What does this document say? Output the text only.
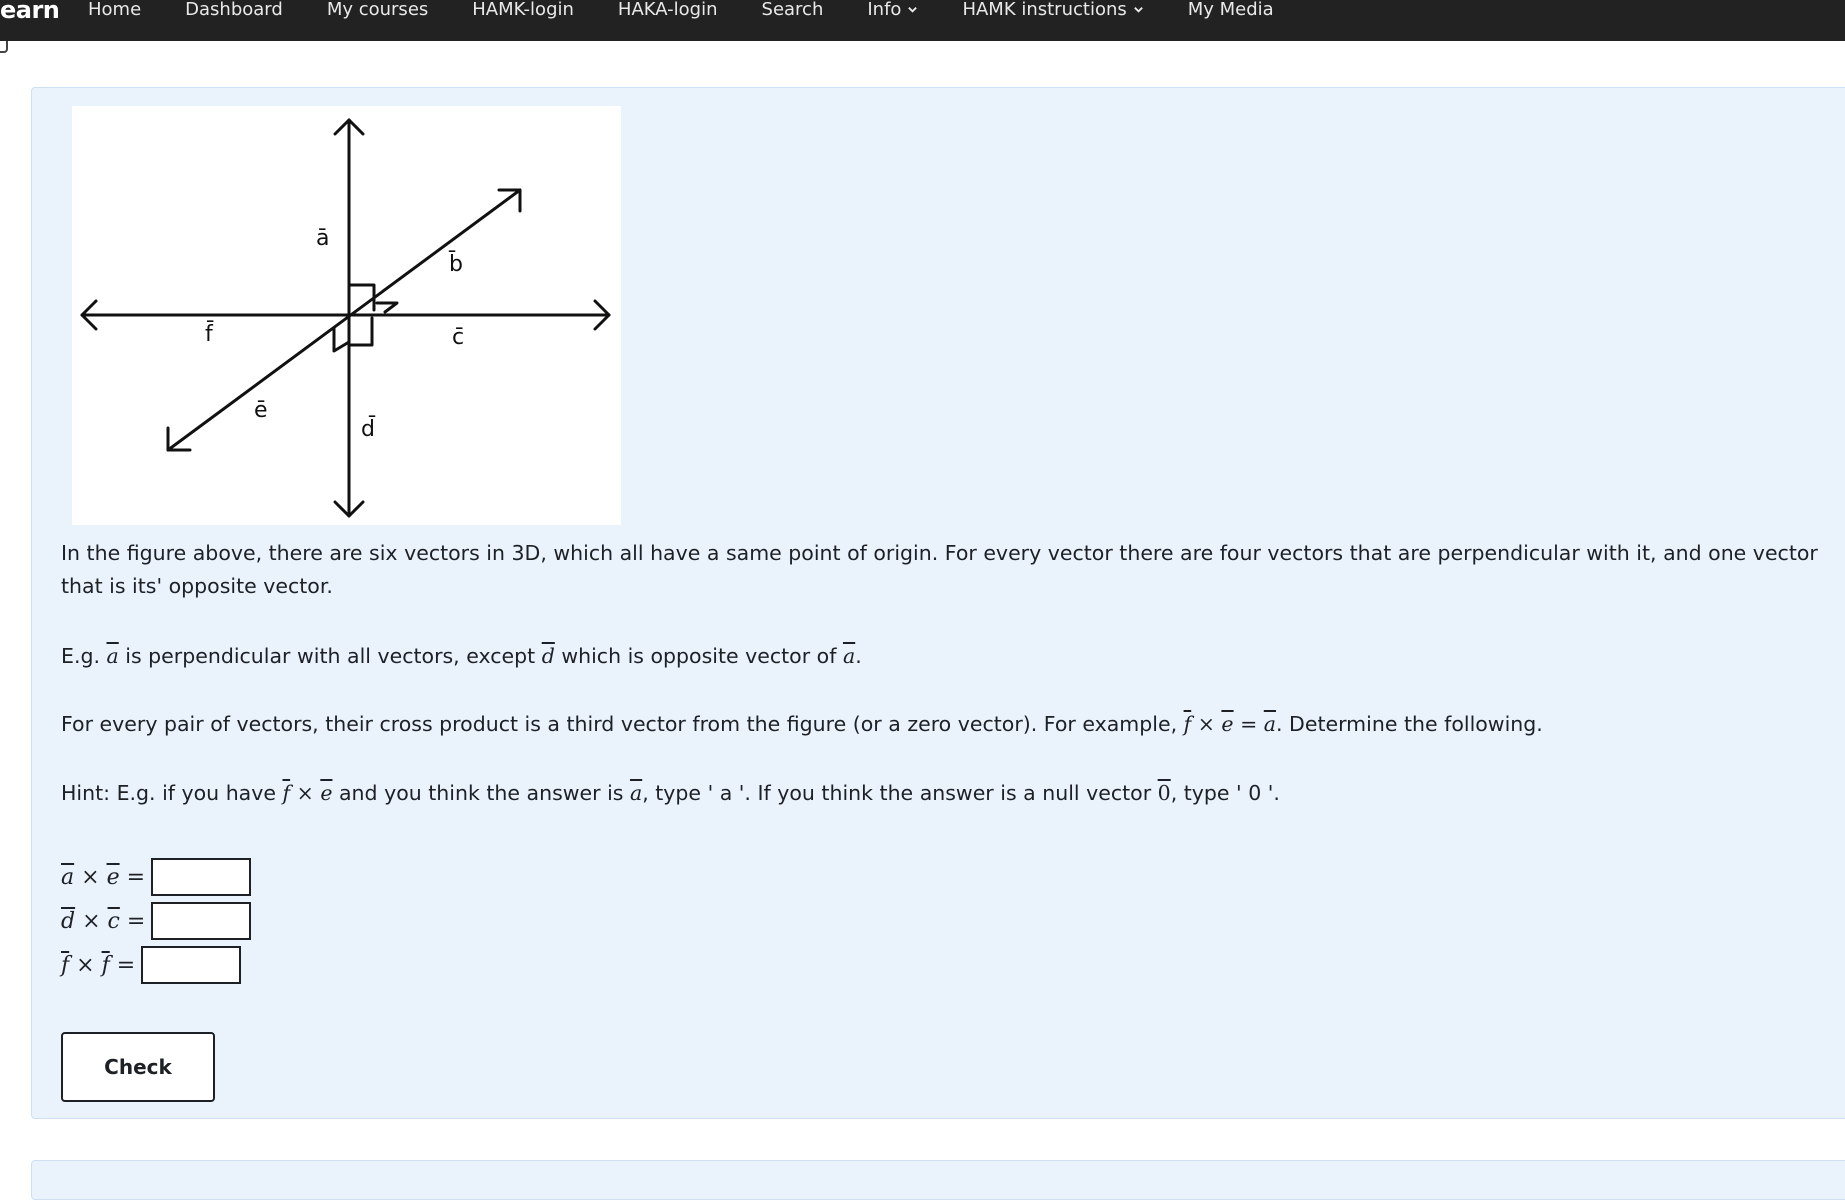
earn Home Dashboard My courses HAMK-login HAKA-login Search Info	HAMK instructions	My Media
ā
b̄
c̄
d̄
ē
f̄
In the figure above, there are six vectors in 3D, which all have a same point of origin. For every vector there are four vectors that are perpendicular with it, and one vector that is its' opposite vector.
E.g. $\overline{a}$ is perpendicular with all vectors, except $\overline{d}$ which is opposite vector of $\overline{a}$.
For every pair of vectors, their cross product is a third vector from the figure (or a zero vector). For example, $\overline{f} \times \overline{e} = \overline{a}$. Determine the following.
Hint: E.g. if you have $\overline{f} \times \overline{e}$ and you think the answer is $\overline{a}$, type ' a '. If you think the answer is a null vector 0, type ' 0 '.
$\overline{a} \times \overline{e}$ =
$\overline{d} \times \overline{c}$ =
$\overline{f} \times \overline{f}$ =
Check
